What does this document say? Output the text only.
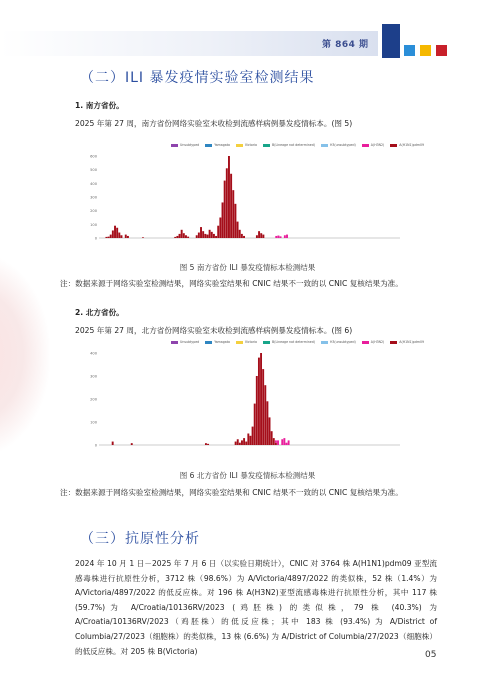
第 864 期
（二）ILI 暴发疫情实验室检测结果
1. 南方省份。
2025 年第 27 周，南方省份网络实验室未收检到流感样病例暴发疫情标本。(图 5)
Unsubtyped	Yamagata	Victoria	B(Lineage not determined)	H3(unsubtyped)	A(H3N2)	A(H1N1)pdm09
0
100
200
300
400
500
600
图 5 南方省份 ILI 暴发疫情标本检测结果
注：数据来源于网络实验室检测结果，网络实验室结果和 CNIC 结果不一致的以 CNIC 复核结果为准。
2. 北方省份。
2025 年第 27 周，北方省份网络实验室未收检到流感样病例暴发疫情标本。(图 6)
Unsubtyped	Yamagata	Victoria	B(Lineage not determined)	H3(unsubtyped)	A(H3N2)	A(H1N1)pdm09
0
100
200
300
400
图 6 北方省份 ILI 暴发疫情标本检测结果
注：数据来源于网络实验室检测结果，网络实验室结果和 CNIC 结果不一致的以 CNIC 复核结果为准。
（三）抗原性分析
2024 年 10 月 1 日－2025 年 7 月 6 日（以实验日期统计），CNIC 对 3764 株 A(H1N1)pdm09 亚型流感毒株进行抗原性分析，3712 株（98.6%）为 A/Victoria/4897/2022 的类似株，52 株（1.4%）为 A/Victoria/4897/2022 的低反应株。对 196 株 A(H3N2)亚型流感毒株进行抗原性分析，其中 117 株(59.7%)为 A/Croatia/10136RV/2023 (鸡胚株) 的类似株，79 株 (40.3%) 为 A/Croatia/10136RV/2023（鸡胚株）的低反应株；其中 183 株 (93.4%) 为 A/District of Columbia/27/2023（细胞株）的类似株，13 株 (6.6%) 为 A/District of Columbia/27/2023（细胞株）的低反应株。对 205 株 B(Victoria)	05
